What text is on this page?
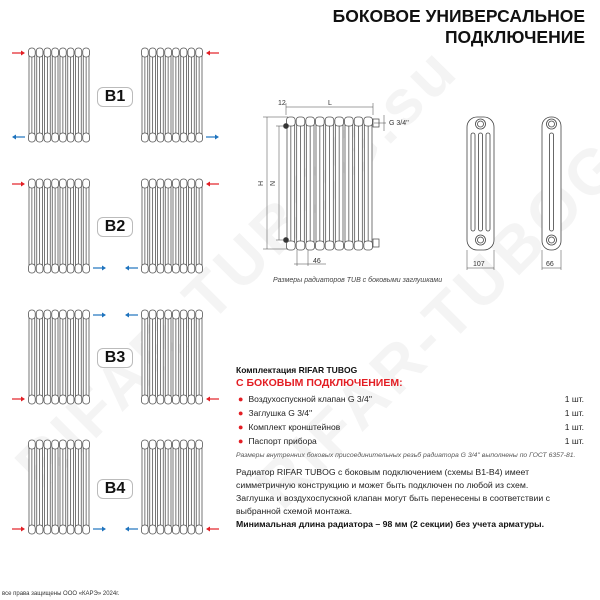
БОКОВОЕ УНИВЕРСАЛЬНОЕ
ПОДКЛЮЧЕНИЕ
B1
B2
B3
B4
12	L
H N
46
G 3/4''
107	66
Размеры радиаторов TUB с боковыми заглушками
Комплектация RIFAR TUBOG
С БОКОВЫМ ПОДКЛЮЧЕНИЕМ:
● Воздухоспускной клапан G 3/4''	1 шт.
● Заглушка G 3/4''	1 шт.
● Комплект кронштейнов	1 шт.
● Паспорт прибора	1 шт.
Размеры внутренних боковых присоединительных резьб радиатора G 3/4'' выполнены по ГОСТ 6357-81.
Радиатор RIFAR TUBOG с боковым подключением (схемы В1-В4) имеет симметричную конструкцию и может быть подключен по любой из схем.
Заглушка и воздухоспускной клапан могут быть перенесены в соответствии с выбранной схемой монтажа.
Минимальная длина радиатора – 98 мм (2 секции) без учета арматуры.
все права защищены ООО «КАРЭ» 2024г.
